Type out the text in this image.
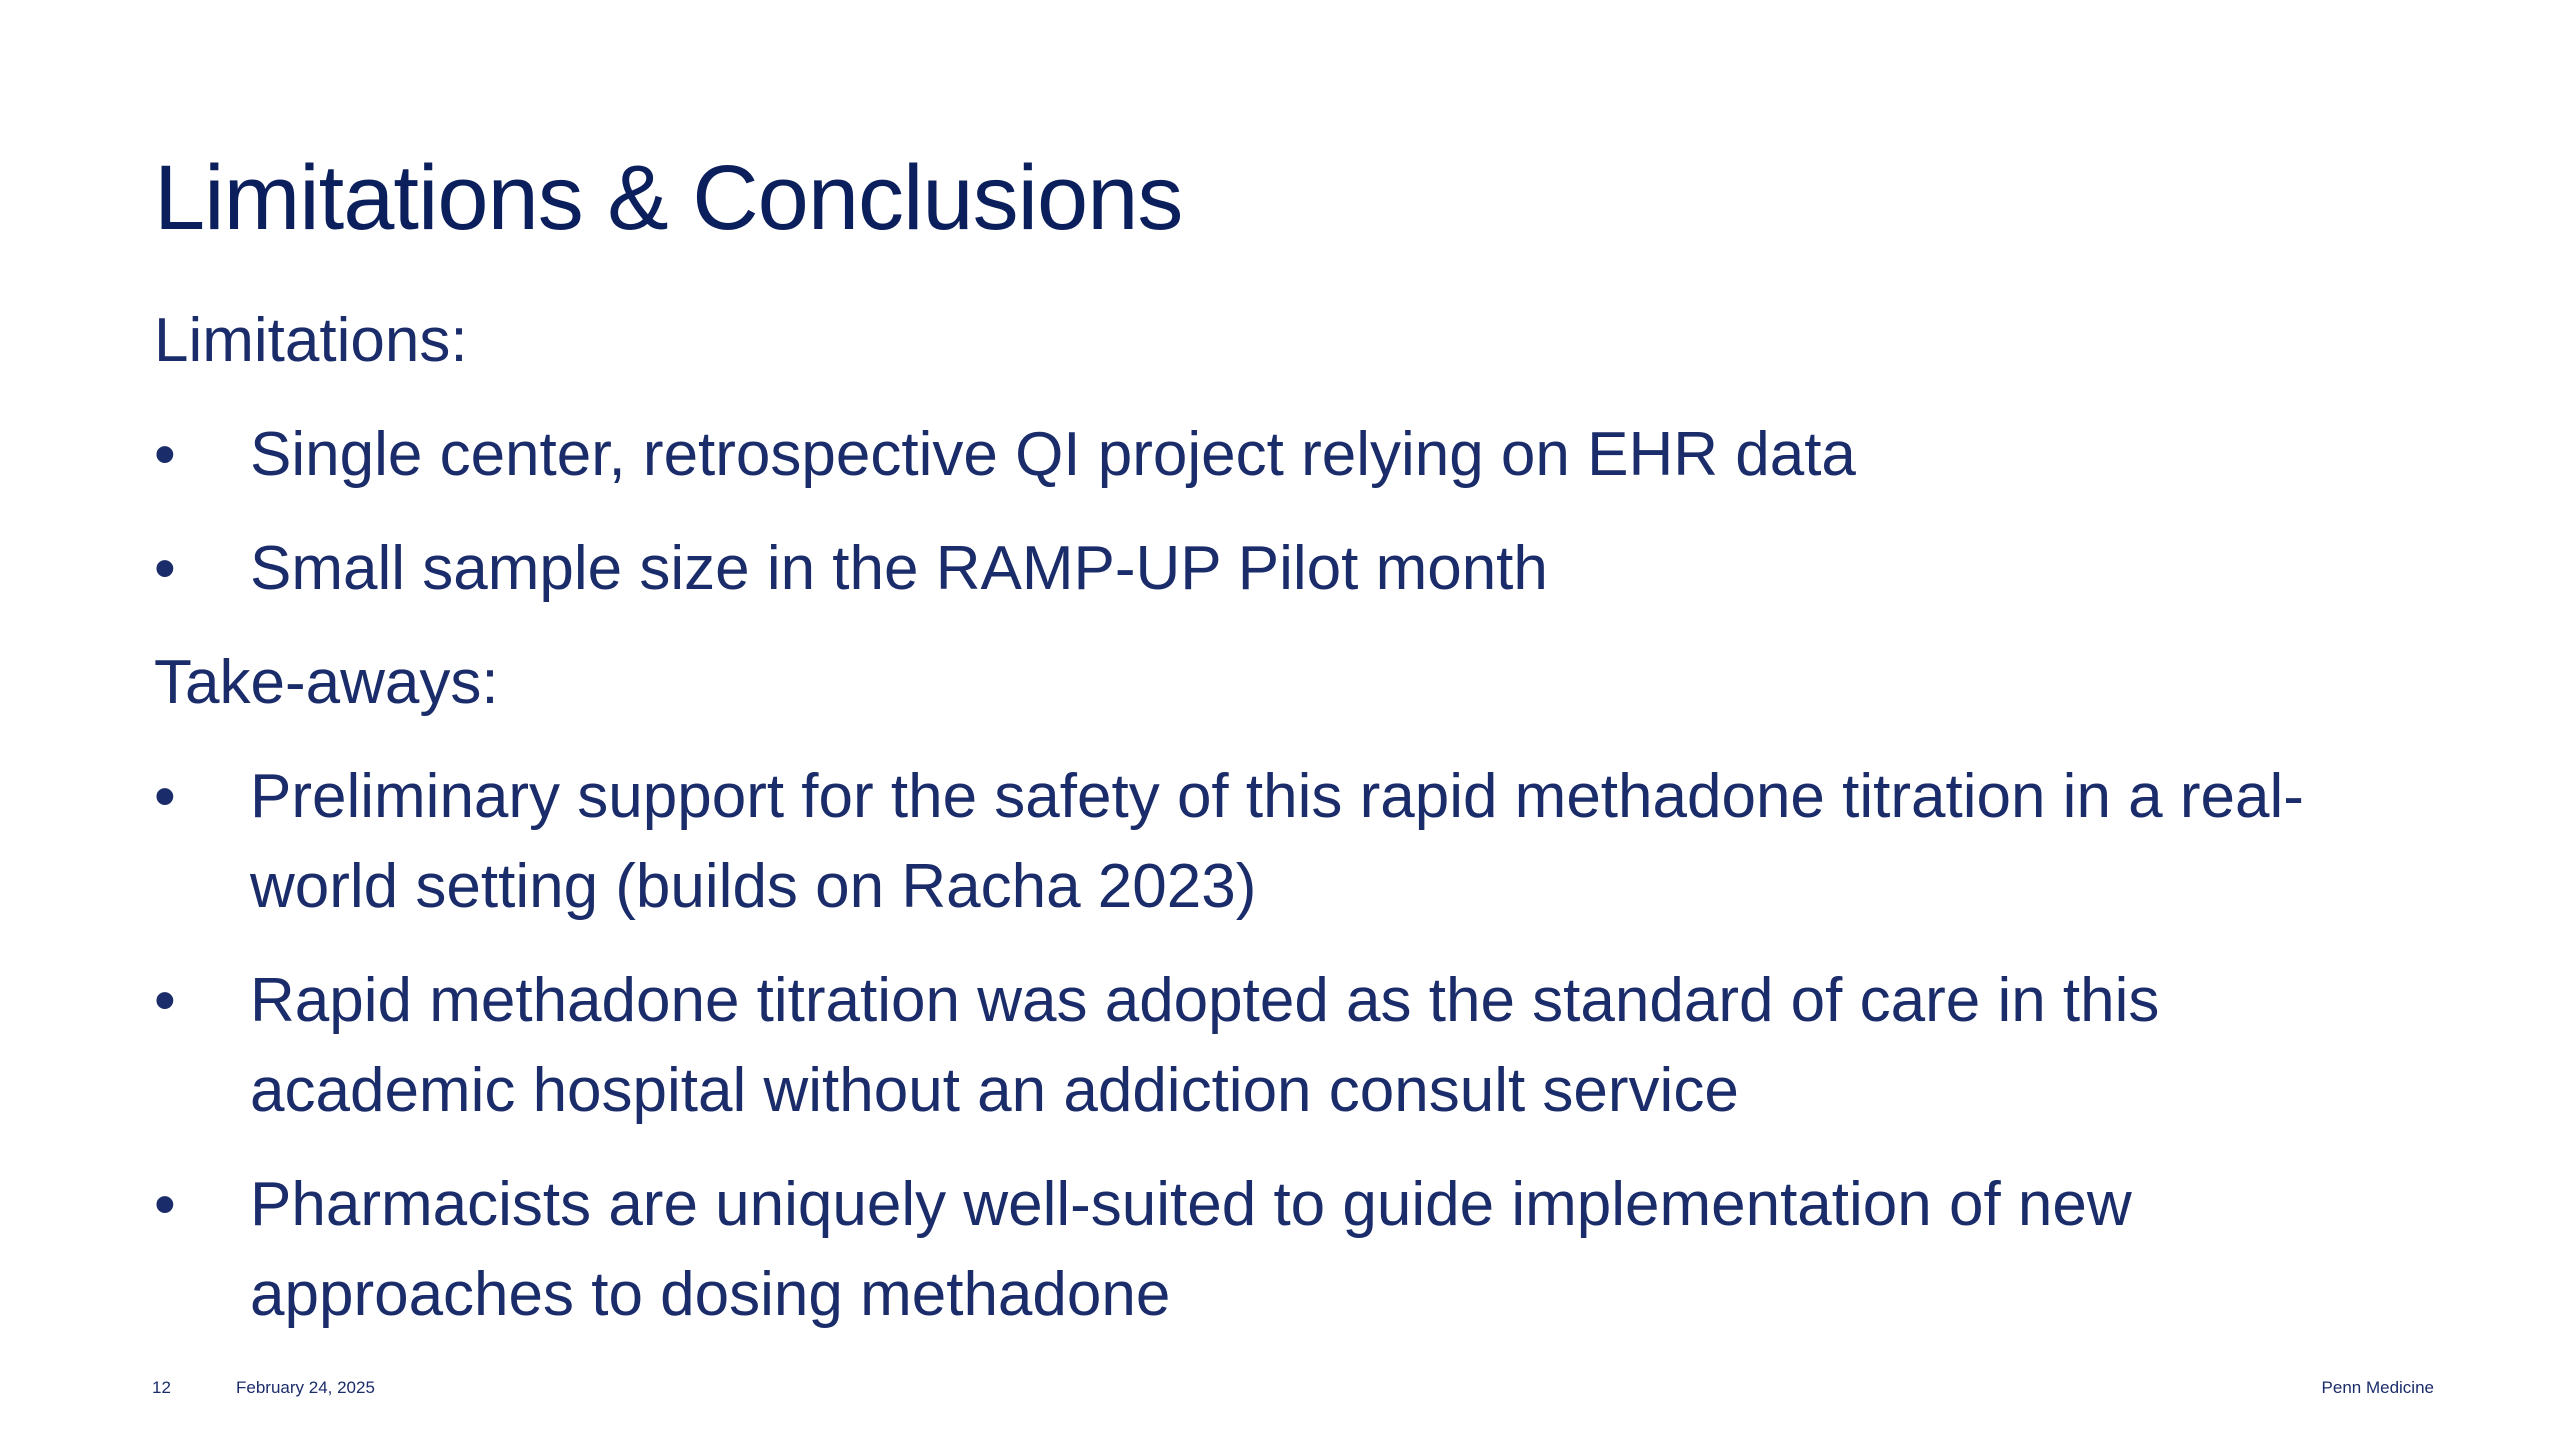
Limitations & Conclusions
Limitations:
• Single center, retrospective QI project relying on EHR data
• Small sample size in the RAMP-UP Pilot month
Take-aways:
• Preliminary support for the safety of this rapid methadone titration in a real-world setting (builds on Racha 2023)
• Rapid methadone titration was adopted as the standard of care in this academic hospital without an addiction consult service
• Pharmacists are uniquely well-suited to guide implementation of new approaches to dosing methadone
12	February 24, 2025	Penn Medicine
